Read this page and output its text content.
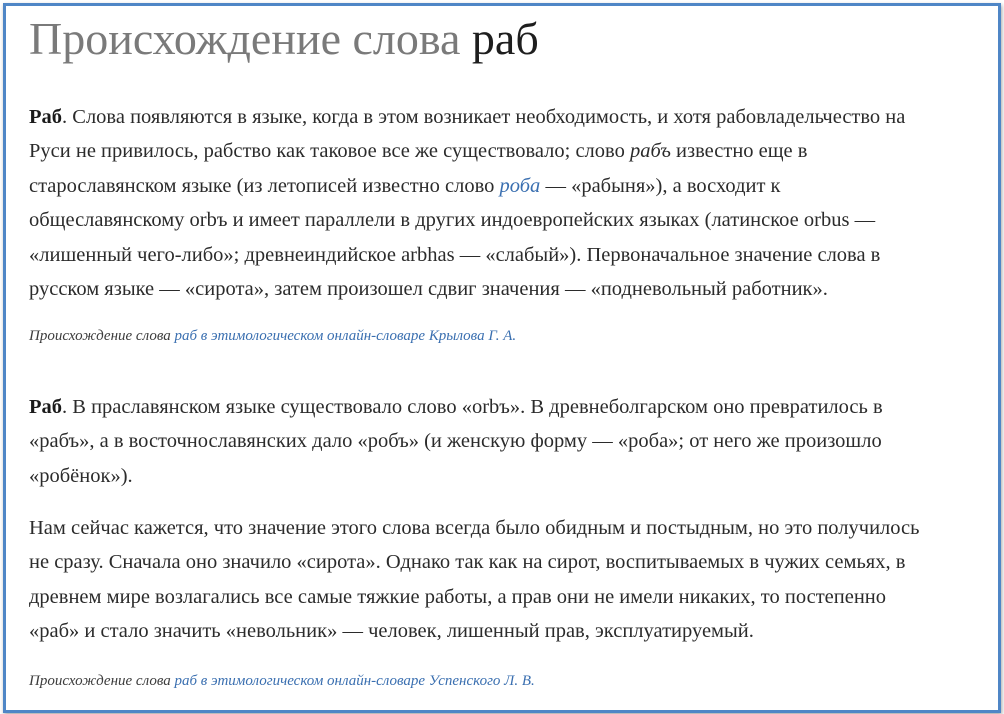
Происхождение слова раб

Раб. Слова появляются в языке, когда в этом возникает необходимость, и хотя рабовладельчество на
Руси не привилось, рабство как таковое все же существовало; слово рабъ известно еще в
старославянском языке (из летописей известно слово роба — «рабыня»), а восходит к
общеславянскому orbъ и имеет параллели в других индоевропейских языках (латинское orbus —
«лишенный чего-либо»; древнеиндийское arbhas — «слабый»). Первоначальное значение слова в
русском языке — «сирота», затем произошел сдвиг значения — «подневольный работник».

Происхождение слова раб в этимологическом онлайн-словаре Крылова Г. А.

Раб. В праславянском языке существовало слово «orbъ». В древнеболгарском оно превратилось в
«рабъ», а в восточнославянских дало «робъ» (и женскую форму — «роба»; от него же произошло
«робёнок»).

Нам сейчас кажется, что значение этого слова всегда было обидным и постыдным, но это получилось
не сразу. Сначала оно значило «сирота». Однако так как на сирот, воспитываемых в чужих семьях, в
древнем мире возлагались все самые тяжкие работы, а прав они не имели никаких, то постепенно
«раб» и стало значить «невольник» — человек, лишенный прав, эксплуатируемый.

Происхождение слова раб в этимологическом онлайн-словаре Успенского Л. В.
